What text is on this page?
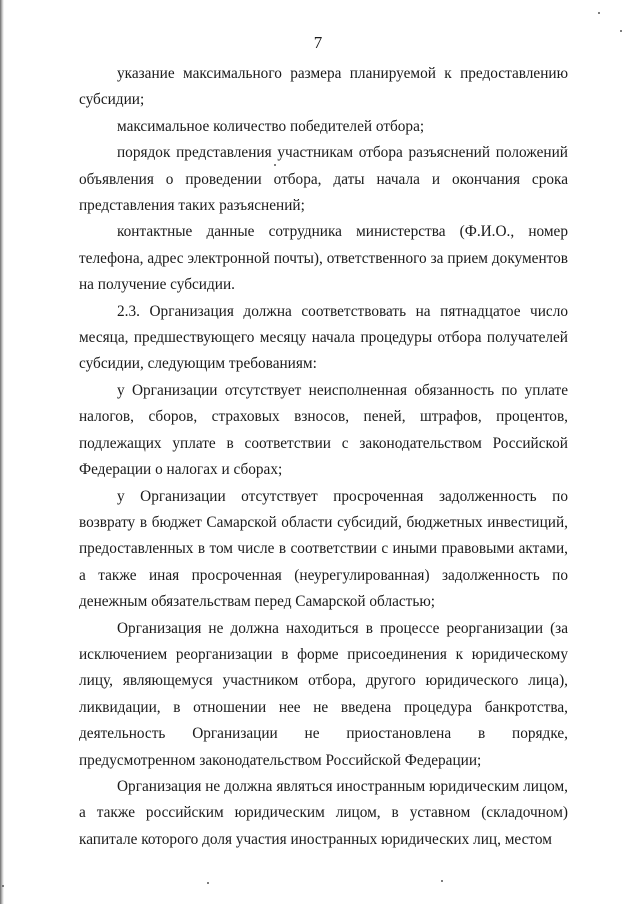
7

указание максимального размера планируемой к предоставлению субсидии;

максимальное количество победителей отбора;

порядок представления участникам отбора разъяснений положений объявления о проведении отбора, даты начала и окончания срока представления таких разъяснений;

контактные данные сотрудника министерства (Ф.И.О., номер телефона, адрес электронной почты), ответственного за прием документов на получение субсидии.

2.3. Организация должна соответствовать на пятнадцатое число месяца, предшествующего месяцу начала процедуры отбора получателей субсидии, следующим требованиям:

у Организации отсутствует неисполненная обязанность по уплате налогов, сборов, страховых взносов, пеней, штрафов, процентов, подлежащих уплате в соответствии с законодательством Российской Федерации о налогах и сборах;

у Организации отсутствует просроченная задолженность по возврату в бюджет Самарской области субсидий, бюджетных инвестиций, предоставленных в том числе в соответствии с иными правовыми актами, а также иная просроченная (неурегулированная) задолженность по денежным обязательствам перед Самарской областью;

Организация не должна находиться в процессе реорганизации (за исключением реорганизации в форме присоединения к юридическому лицу, являющемуся участником отбора, другого юридического лица), ликвидации, в отношении нее не введена процедура банкротства, деятельность Организации не приостановлена в порядке, предусмотренном законодательством Российской Федерации;

Организация не должна являться иностранным юридическим лицом, а также российским юридическим лицом, в уставном (складочном) капитале которого доля участия иностранных юридических лиц, местом
